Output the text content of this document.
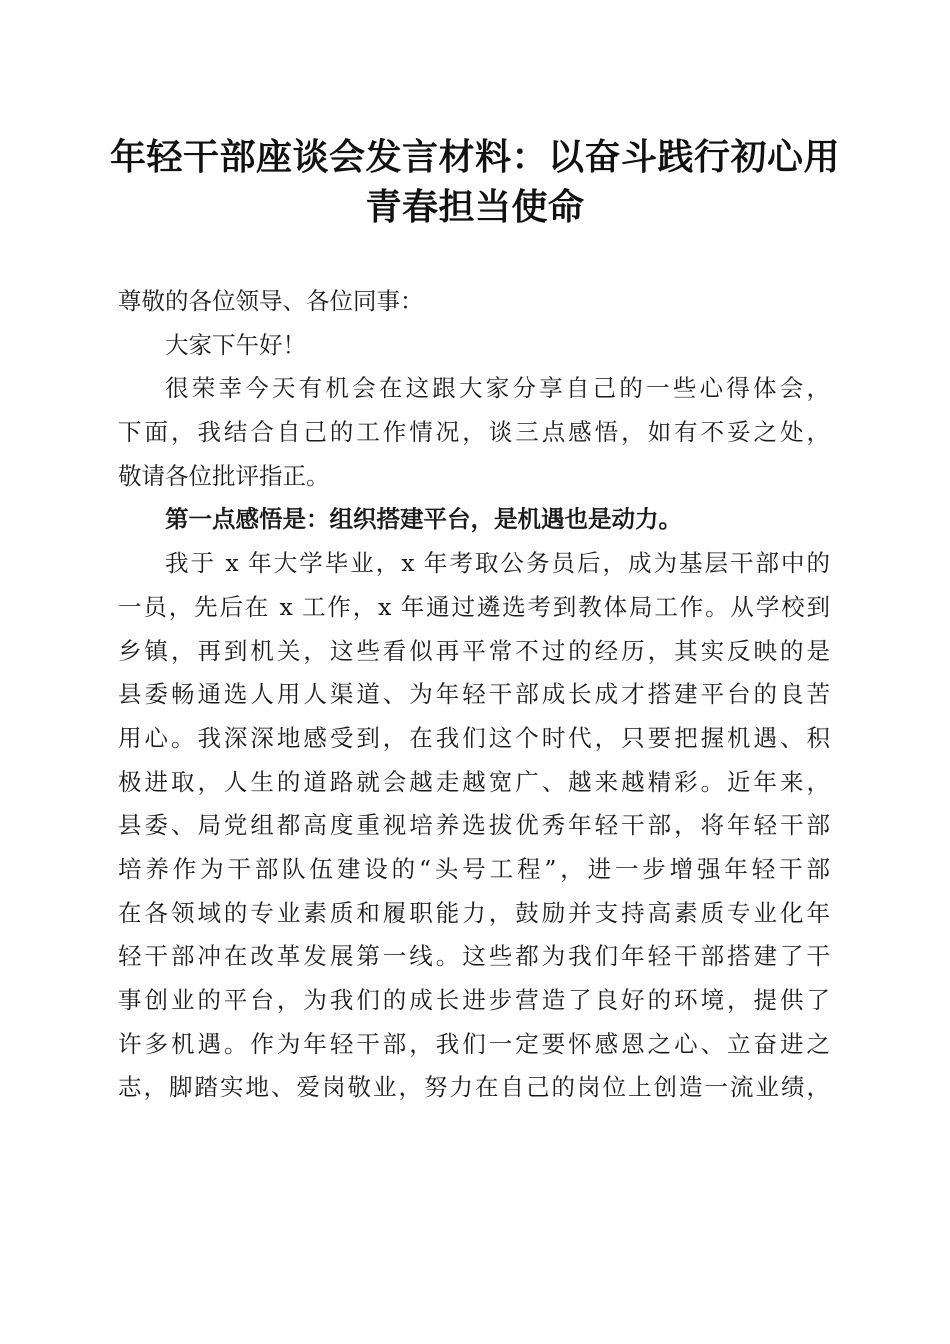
年轻干部座谈会发言材料：以奋斗践行初心用
青春担当使命
尊敬的各位领导、各位同事：
大家下午好！
很荣幸今天有机会在这跟大家分享自己的一些心得体会，
下面，我结合自己的工作情况，谈三点感悟，如有不妥之处，
敬请各位批评指正。
第一点感悟是：组织搭建平台，是机遇也是动力。
我于 x 年大学毕业，x 年考取公务员后，成为基层干部中的
一员，先后在 x 工作，x 年通过遴选考到教体局工作。从学校到
乡镇，再到机关，这些看似再平常不过的经历，其实反映的是
县委畅通选人用人渠道、为年轻干部成长成才搭建平台的良苦
用心。我深深地感受到，在我们这个时代，只要把握机遇、积
极进取，人生的道路就会越走越宽广、越来越精彩。近年来，
县委、局党组都高度重视培养选拔优秀年轻干部，将年轻干部
培养作为干部队伍建设的“头号工程”，进一步增强年轻干部
在各领域的专业素质和履职能力，鼓励并支持高素质专业化年
轻干部冲在改革发展第一线。这些都为我们年轻干部搭建了干
事创业的平台，为我们的成长进步营造了良好的环境，提供了
许多机遇。作为年轻干部，我们一定要怀感恩之心、立奋进之
志，脚踏实地、爱岗敬业，努力在自己的岗位上创造一流业绩，
